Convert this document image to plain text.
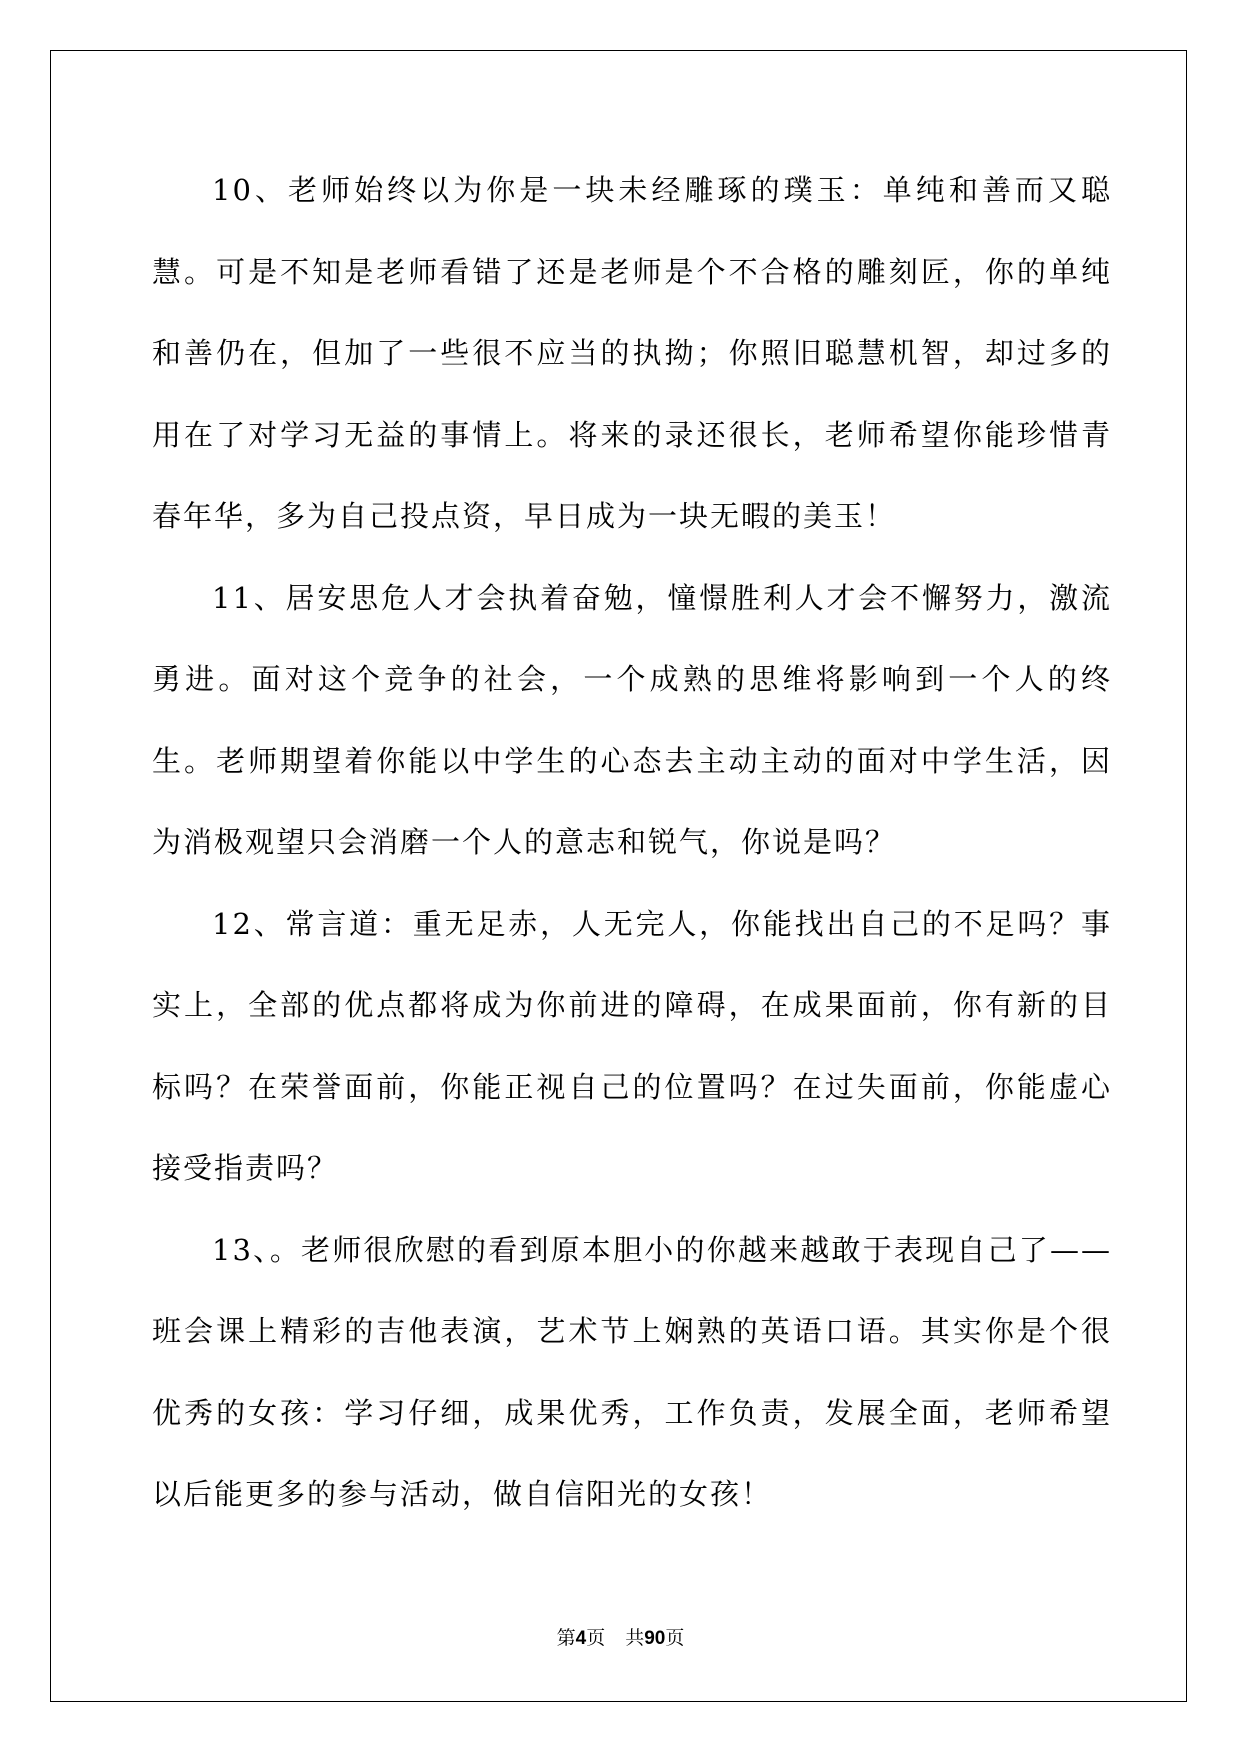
10、老师始终以为你是一块未经雕琢的璞玉：单纯和善而又聪慧。可是不知是老师看错了还是老师是个不合格的雕刻匠，你的单纯和善仍在，但加了一些很不应当的执拗；你照旧聪慧机智，却过多的用在了对学习无益的事情上。将来的录还很长，老师希望你能珍惜青春年华，多为自己投点资，早日成为一块无暇的美玉！

11、居安思危人才会执着奋勉，憧憬胜利人才会不懈努力，激流勇进。面对这个竞争的社会，一个成熟的思维将影响到一个人的终生。老师期望着你能以中学生的心态去主动主动的面对中学生活，因为消极观望只会消磨一个人的意志和锐气，你说是吗？

12、常言道：重无足赤，人无完人，你能找出自己的不足吗？事实上，全部的优点都将成为你前进的障碍，在成果面前，你有新的目标吗？在荣誉面前，你能正视自己的位置吗？在过失面前，你能虚心接受指责吗？

13、。老师很欣慰的看到原本胆小的你越来越敢于表现自己了——班会课上精彩的吉他表演，艺术节上娴熟的英语口语。其实你是个很优秀的女孩：学习仔细，成果优秀，工作负责，发展全面，老师希望以后能更多的参与活动，做自信阳光的女孩！

第4页 共90页
